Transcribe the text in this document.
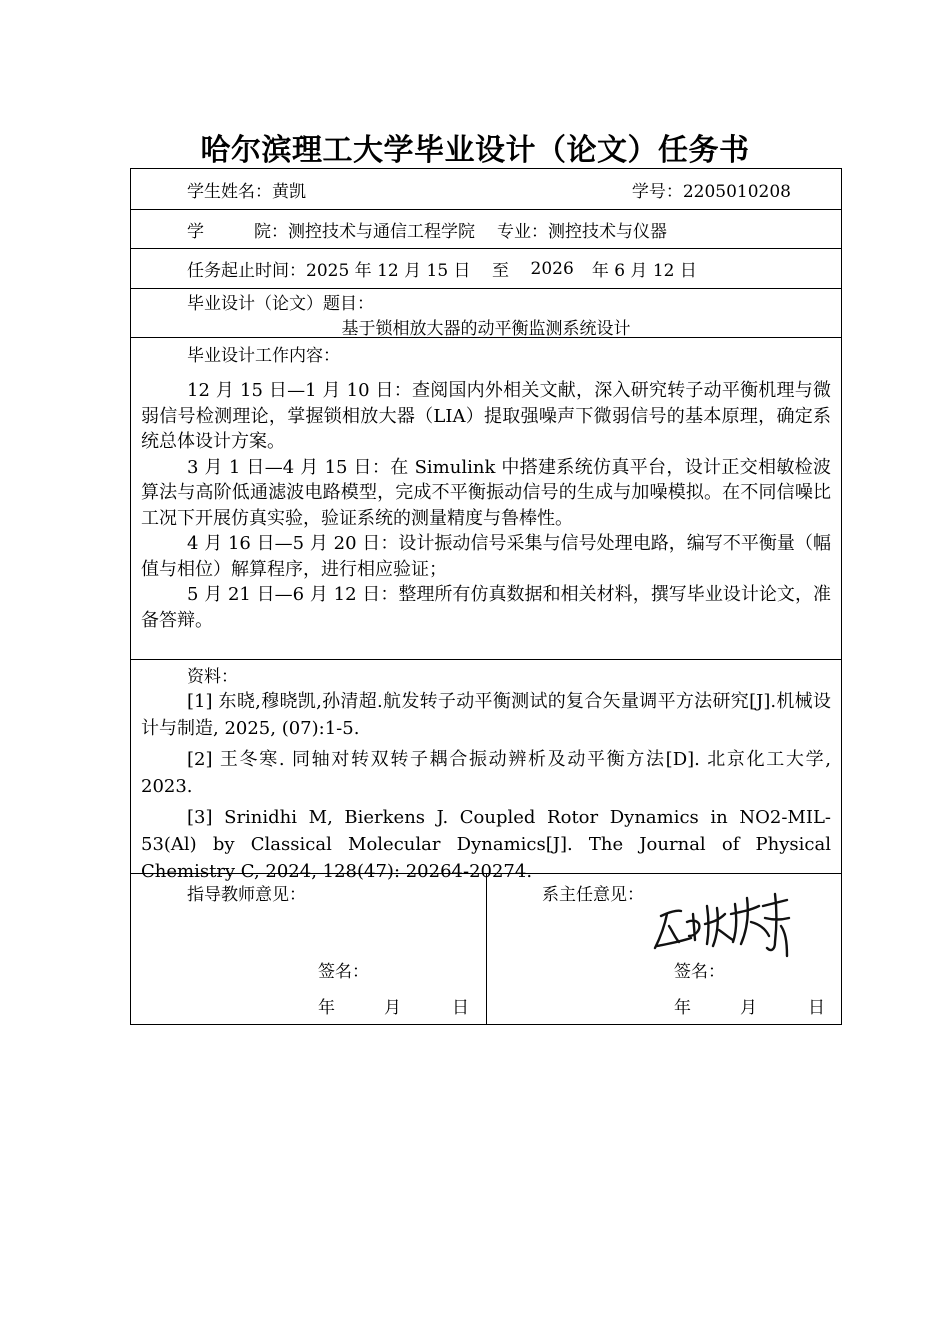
哈尔滨理工大学毕业设计（论文）任务书
学生姓名：黄凯	学号：2205010208
学	院：测控技术与通信工程学院 专业：测控技术与仪器
任务起止时间：2025 年 12 月 15 日	至	2026 年 6 月 12 日
毕业设计（论文）题目：
基于锁相放大器的动平衡监测系统设计
毕业设计工作内容：

12 月 15 日—1 月 10 日：查阅国内外相关文献，深入研究转子动平衡机理与微弱信号检测理论，掌握锁相放大器（LIA）提取强噪声下微弱信号的基本原理，确定系统总体设计方案。

3 月 1 日—4 月 15 日：在 Simulink 中搭建系统仿真平台，设计正交相敏检波算法与高阶低通滤波电路模型，完成不平衡振动信号的生成与加噪模拟。在不同信噪比工况下开展仿真实验，验证系统的测量精度与鲁棒性。

4 月 16 日—5 月 20 日：设计振动信号采集与信号处理电路，编写不平衡量（幅值与相位）解算程序，进行相应验证；

5 月 21 日—6 月 12 日：整理所有仿真数据和相关材料，撰写毕业设计论文，准备答辩。

资料：

[1] 东晓,穆晓凯,孙清超.航发转子动平衡测试的复合矢量调平方法研究[J].机械设计与制造, 2025, (07):1-5.

[2] 王冬寒. 同轴对转双转子耦合振动辨析及动平衡方法[D]. 北京化工大学, 2023.

[3] Srinidhi M, Bierkens J. Coupled Rotor Dynamics in NO2-MIL-53(Al) by Classical Molecular Dynamics[J]. The Journal of Physical Chemistry C, 2024, 128(47): 20264-20274.

指导教师意见：
签名：
年	月	日
系主任意见：
签名：
年	月	日
